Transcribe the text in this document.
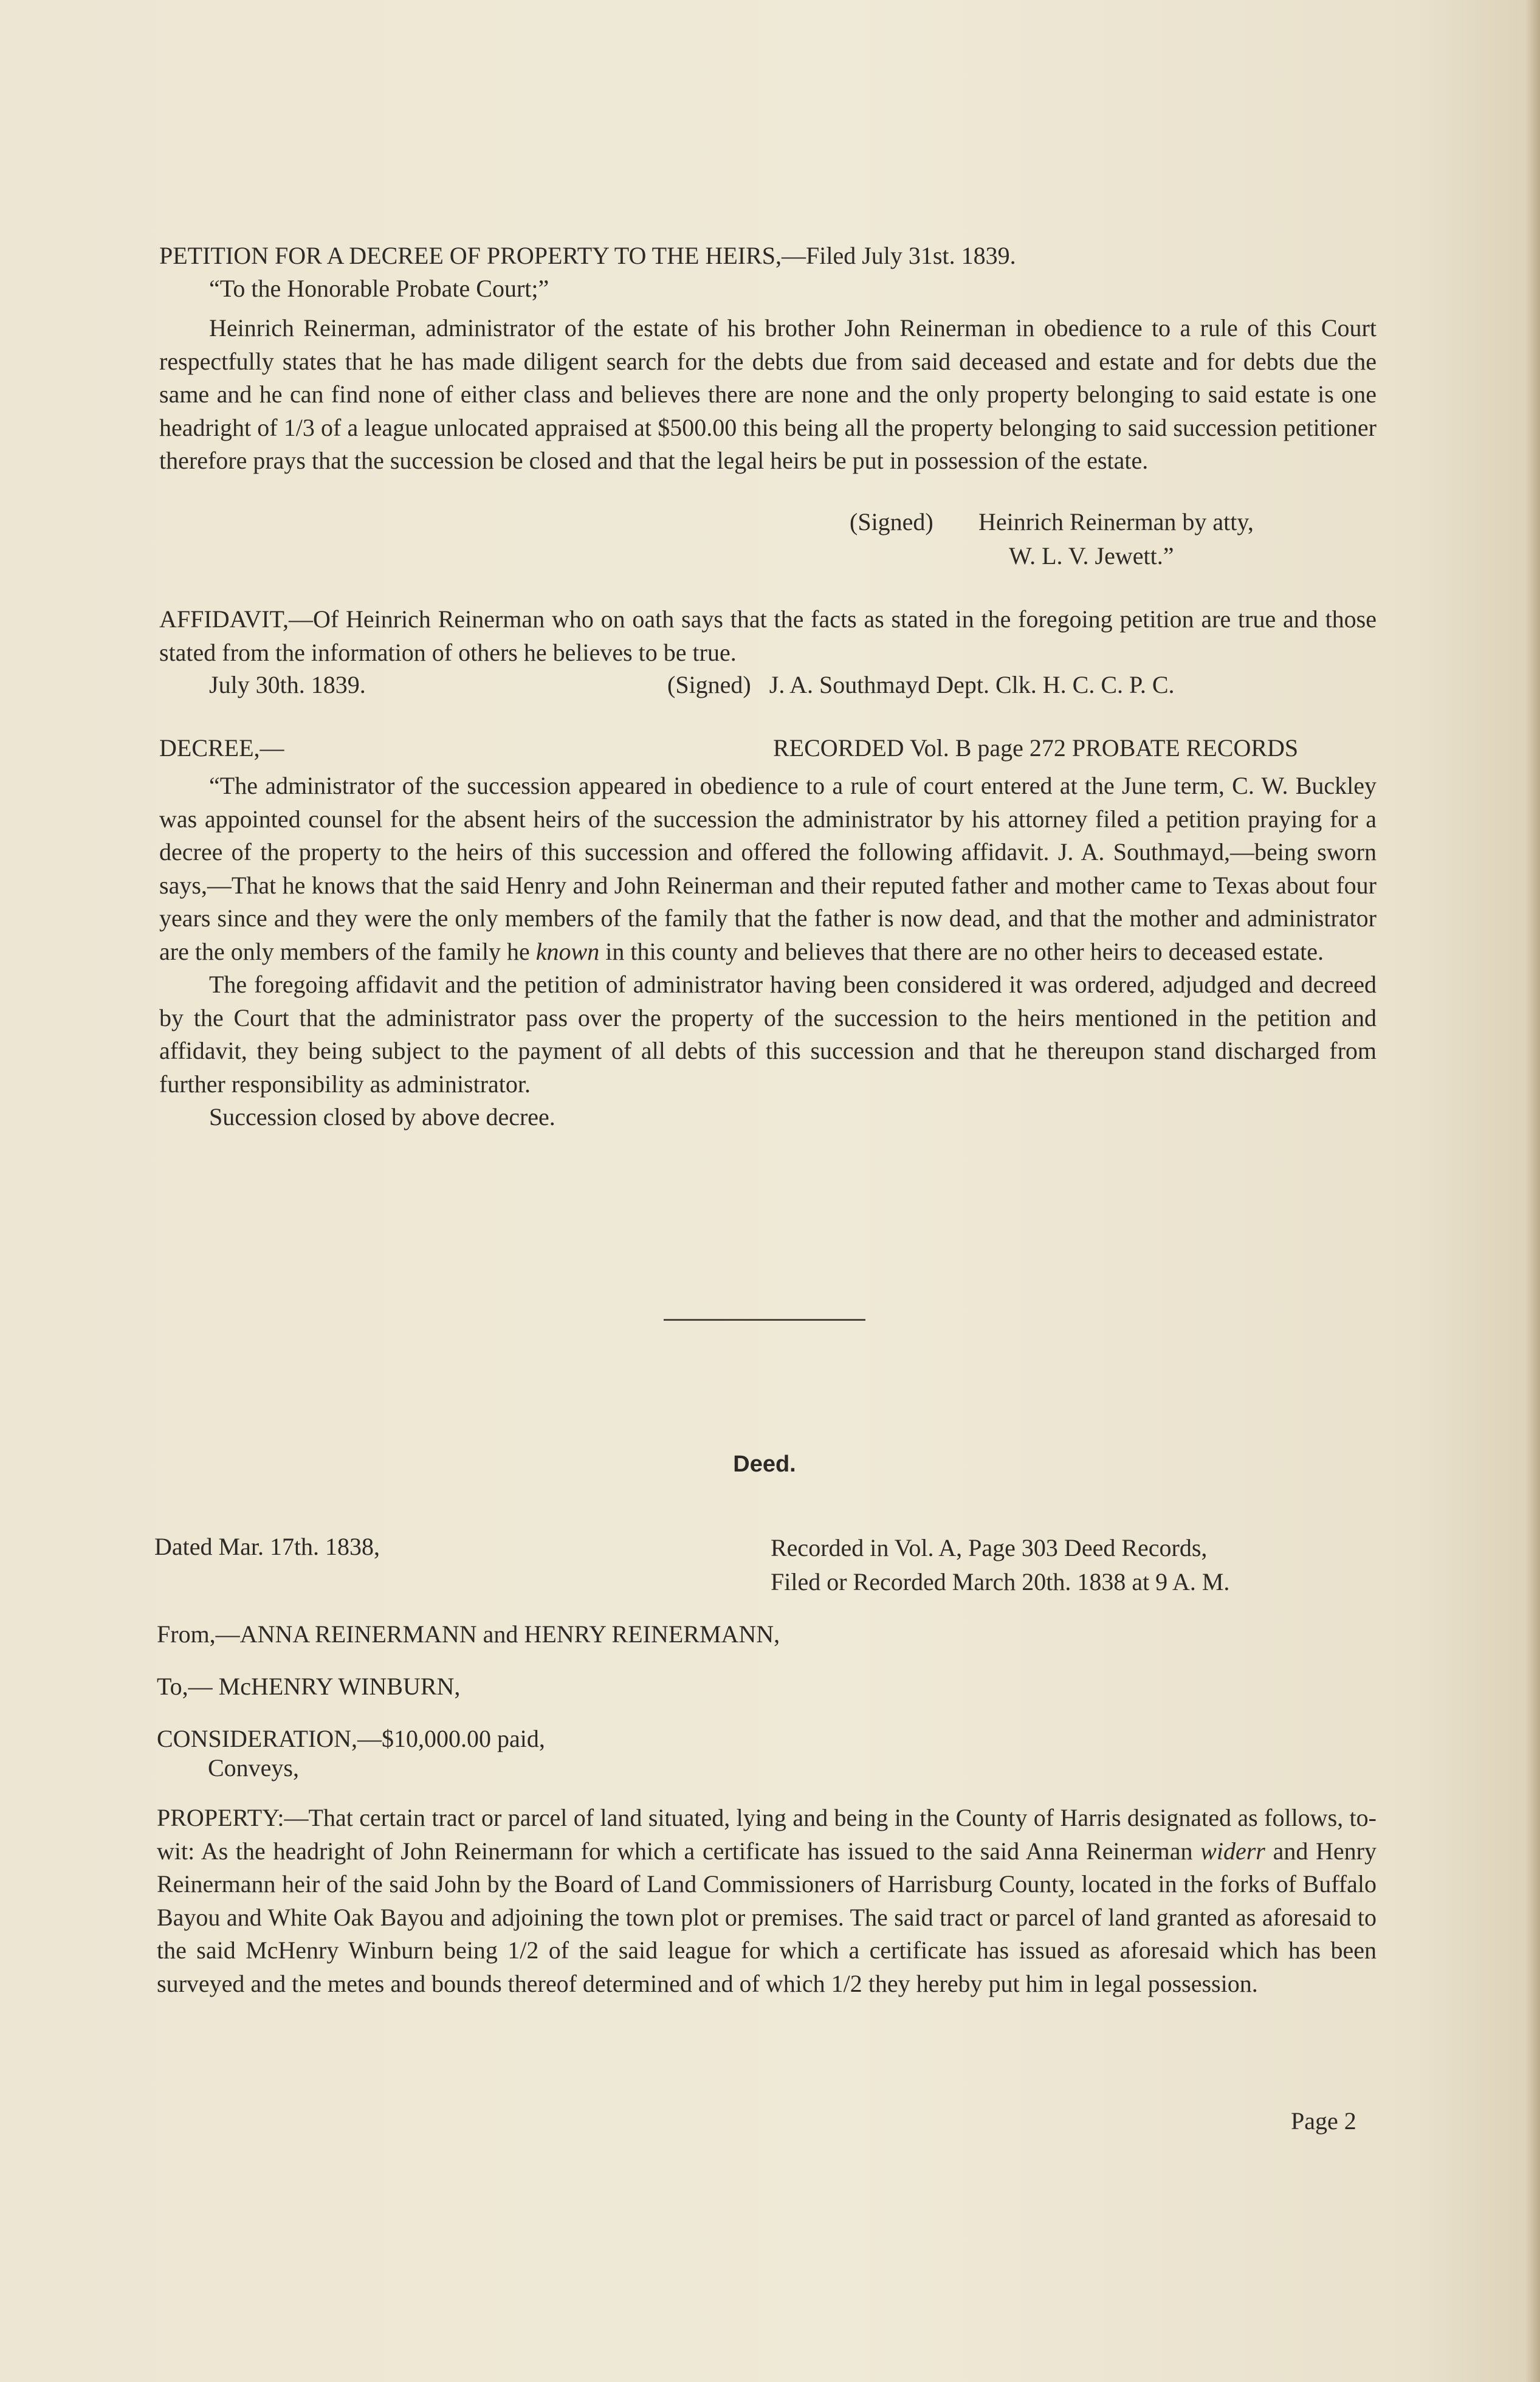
PETITION FOR A DECREE OF PROPERTY TO THE HEIRS,—Filed July 31st. 1839.
“To the Honorable Probate Court;”

Heinrich Reinerman, administrator of the estate of his brother John Reinerman in obedience to a rule of this Court respectfully states that he has made diligent search for the debts due from said deceased and estate and for debts due the same and he can find none of either class and believes there are none and the only property belonging to said estate is one headright of 1/3 of a league unlocated appraised at $500.00 this being all the property belonging to said succession petitioner therefore prays that the succession be closed and that the legal heirs be put in possession of the estate.

(Signed) Heinrich Reinerman by atty,
W. L. V. Jewett.”

AFFIDAVIT,—Of Heinrich Reinerman who on oath says that the facts as stated in the foregoing petition are true and those stated from the information of others he believes to be true.

July 30th. 1839.	(Signed)   J. A. Southmayd Dept. Clk. H. C. C. P. C.
DECREE,—	RECORDED Vol. B page 272 PROBATE RECORDS

“The administrator of the succession appeared in obedience to a rule of court entered at the June term, C. W. Buckley was appointed counsel for the absent heirs of the succession the administrator by his attorney filed a petition praying for a decree of the property to the heirs of this succession and offered the following affidavit. J. A. Southmayd,—being sworn says,—That he knows that the said Henry and John Reinerman and their reputed father and mother came to Texas about four years since and they were the only members of the family that the father is now dead, and that the mother and administrator are the only members of the family he known in this county and believes that there are no other heirs to deceased estate.

The foregoing affidavit and the petition of administrator having been considered it was ordered, adjudged and decreed by the Court that the administrator pass over the property of the succession to the heirs mentioned in the petition and affidavit, they being subject to the payment of all debts of this succession and that he thereupon stand discharged from further responsibility as administrator.

Succession closed by above decree.

Deed.
Dated Mar. 17th. 1838,	Recorded in Vol. A, Page 303 Deed Records,
Filed or Recorded March 20th. 1838 at 9 A. M.
From,—ANNA REINERMANN and HENRY REINERMANN,
To,— McHENRY WINBURN,
CONSIDERATION,—$10,000.00 paid,
Conveys,

PROPERTY:—That certain tract or parcel of land situated, lying and being in the County of Harris designated as follows, to-wit: As the headright of John Reinermann for which a certificate has issued to the said Anna Reinerman widerr and Henry Reinermann heir of the said John by the Board of Land Commissioners of Harrisburg County, located in the forks of Buffalo Bayou and White Oak Bayou and adjoining the town plot or premises. The said tract or parcel of land granted as aforesaid to the said McHenry Winburn being 1/2 of the said league for which a certificate has issued as aforesaid which has been surveyed and the metes and bounds thereof determined and of which 1/2 they hereby put him in legal possession.

Page 2
